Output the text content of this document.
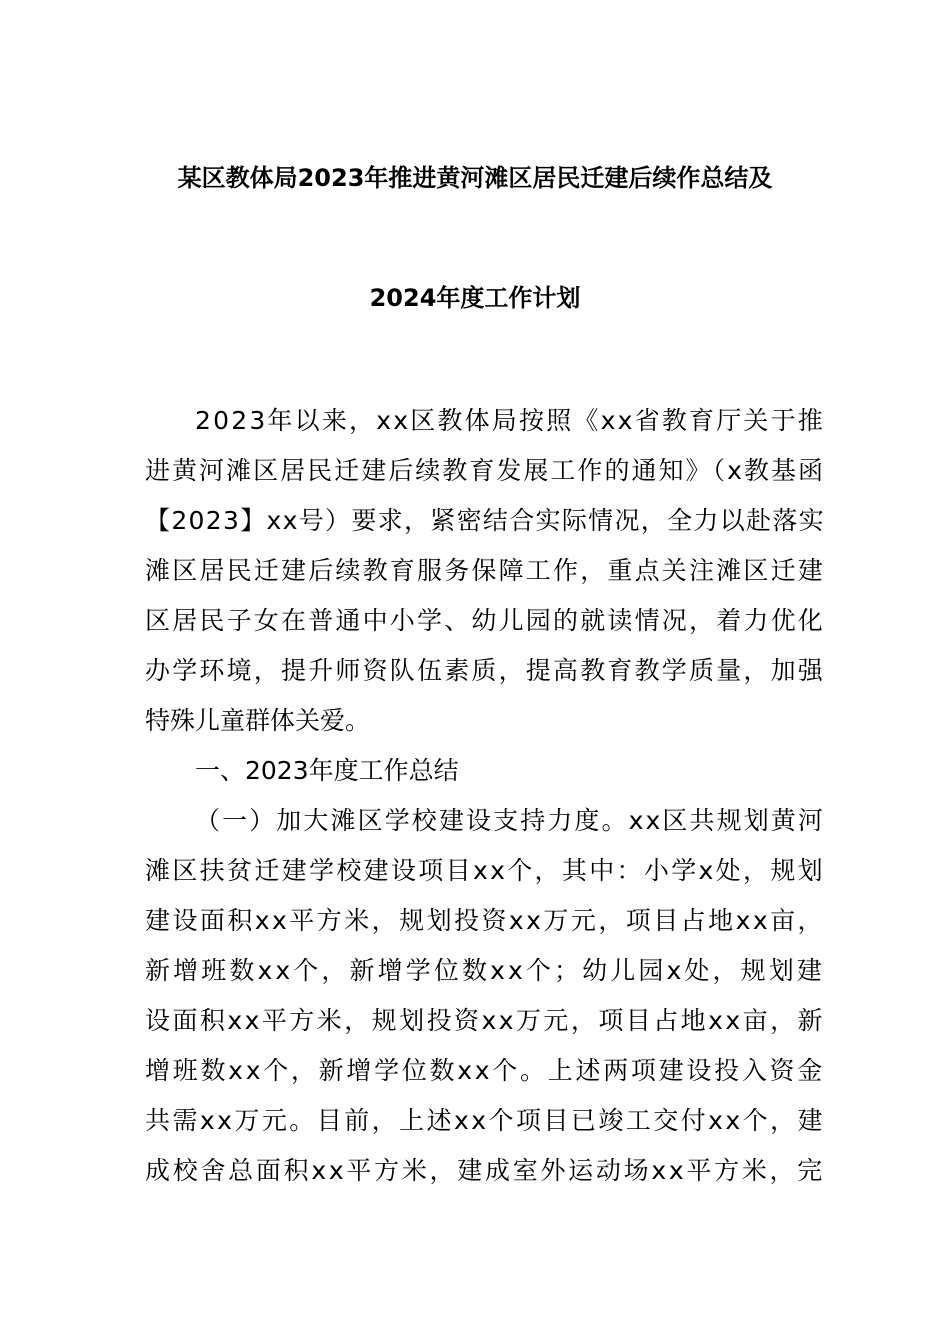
某区教体局2023年推进黄河滩区居民迁建后续作总结及
2024年度工作计划
2023年以来，xx区教体局按照《xx省教育厅关于推
进黄河滩区居民迁建后续教育发展工作的通知》（x教基函
【2023】xx号）要求，紧密结合实际情况，全力以赴落实
滩区居民迁建后续教育服务保障工作，重点关注滩区迁建
区居民子女在普通中小学、幼儿园的就读情况，着力优化
办学环境，提升师资队伍素质，提高教育教学质量，加强
特殊儿童群体关爱。
一、2023年度工作总结
（一）加大滩区学校建设支持力度。xx区共规划黄河
滩区扶贫迁建学校建设项目xx个，其中：小学x处，规划
建设面积xx平方米，规划投资xx万元，项目占地xx亩，
新增班数xx个，新增学位数xx个；幼儿园x处，规划建
设面积xx平方米，规划投资xx万元，项目占地xx亩，新
增班数xx个，新增学位数xx个。上述两项建设投入资金
共需xx万元。目前，上述xx个项目已竣工交付xx个，建
成校舍总面积xx平方米，建成室外运动场xx平方米，完
